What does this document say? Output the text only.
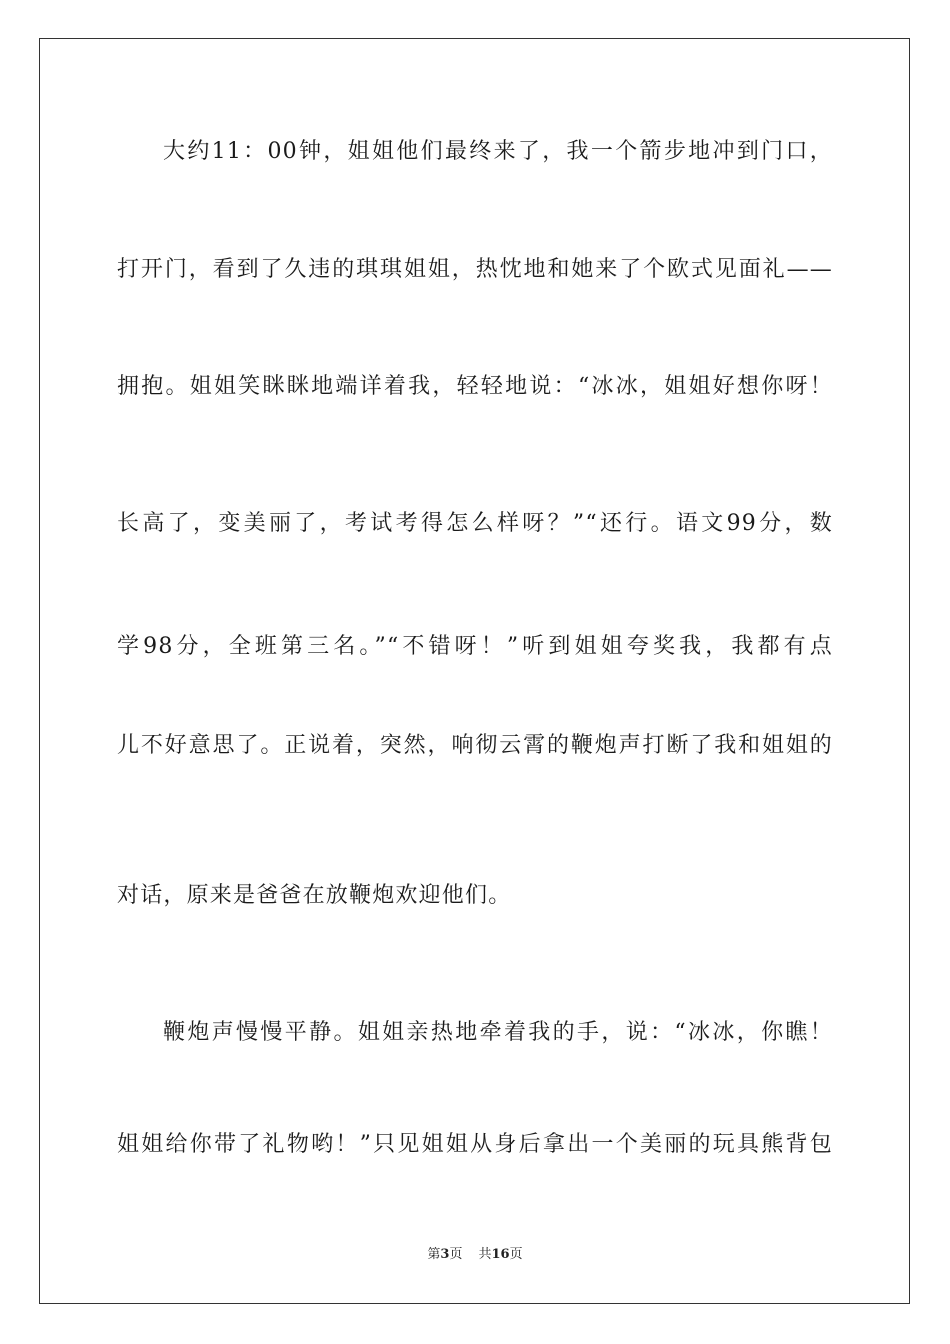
大约11：00钟，姐姐他们最终来了，我一个箭步地冲到门口，
打开门，看到了久违的琪琪姐姐，热忱地和她来了个欧式见面礼——
拥抱。姐姐笑眯眯地端详着我，轻轻地说：“冰冰，姐姐好想你呀！
长高了，变美丽了，考试考得怎么样呀？”“还行。语文99分，数
学98分，全班第三名。”“不错呀！”听到姐姐夸奖我，我都有点
儿不好意思了。正说着，突然，响彻云霄的鞭炮声打断了我和姐姐的
对话，原来是爸爸在放鞭炮欢迎他们。
鞭炮声慢慢平静。姐姐亲热地牵着我的手，说：“冰冰，你瞧！
姐姐给你带了礼物哟！”只见姐姐从身后拿出一个美丽的玩具熊背包
第3页 共16页
